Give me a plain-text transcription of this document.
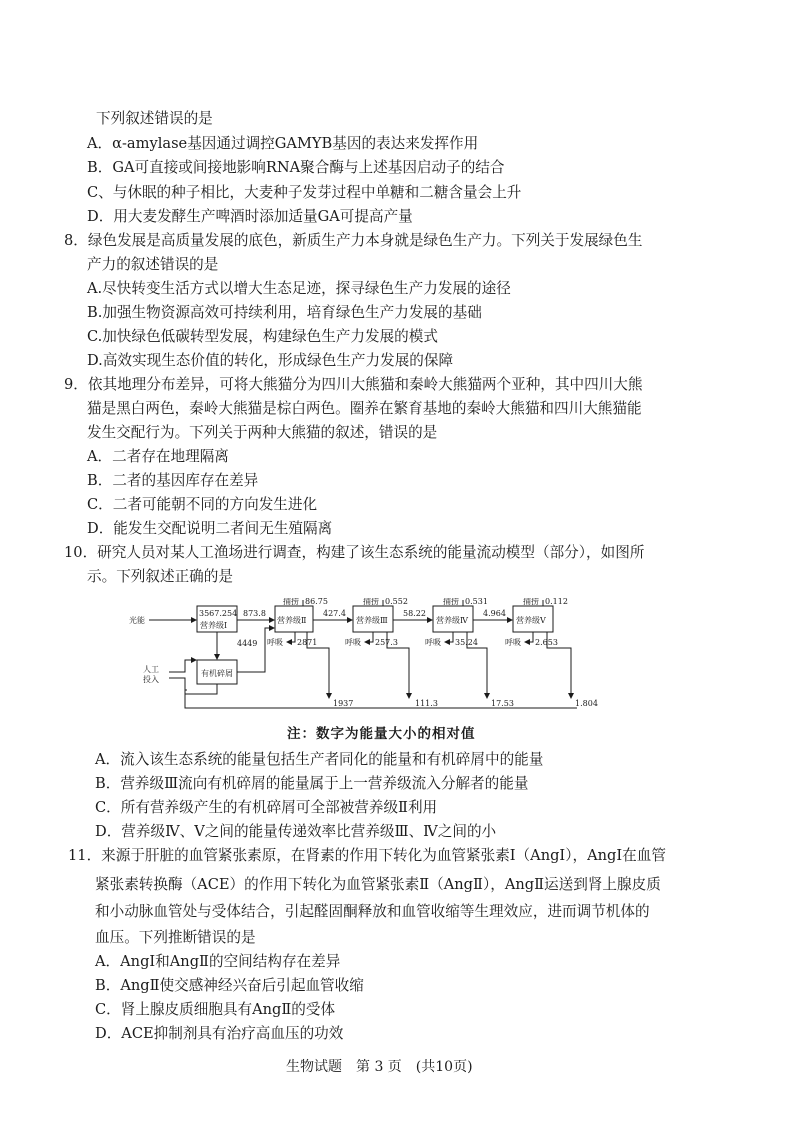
下列叙述错误的是
A．α-amylase基因通过调控GAMYB基因的表达来发挥作用
B．GA可直接或间接地影响RNA聚合酶与上述基因启动子的结合
C、与休眠的种子相比，大麦种子发芽过程中单糖和二糖含量会上升
D．用大麦发酵生产啤酒时添加适量GA可提高产量
8．绿色发展是高质量发展的底色，新质生产力本身就是绿色生产力。下列关于发展绿色生
产力的叙述错误的是
A.尽快转变生活方式以增大生态足迹，探寻绿色生产力发展的途径
B.加强生物资源高效可持续利用，培育绿色生产力发展的基础
C.加快绿色低碳转型发展，构建绿色生产力发展的模式
D.高效实现生态价值的转化，形成绿色生产力发展的保障
9．依其地理分布差异，可将大熊猫分为四川大熊猫和秦岭大熊猫两个亚种，其中四川大熊
猫是黑白两色，秦岭大熊猫是棕白两色。圈养在繁育基地的秦岭大熊猫和四川大熊猫能
发生交配行为。下列关于两种大熊猫的叙述，错误的是
A．二者存在地理隔离
B．二者的基因库存在差异
C．二者可能朝不同的方向发生进化
D．能发生交配说明二者间无生殖隔离
10．研究人员对某人工渔场进行调查，构建了该生态系统的能量流动模型（部分），如图所
示。下列叙述正确的是
光能
人工
投入
3567.254
营养级Ⅰ
有机碎屑
873.8
4449
营养级Ⅱ
427.4
营养级Ⅲ
58.22
营养级Ⅳ
4.964
营养级Ⅴ
捕捞 86.75	捕捞 0.552	捕捞 0.531	捕捞 0.112
呼吸 2871	呼吸 257.3	呼吸 35.24	呼吸 2.653
1937	111.3	17.53	1.804
注：数字为能量大小的相对值
A．流入该生态系统的能量包括生产者同化的能量和有机碎屑中的能量
B．营养级Ⅲ流向有机碎屑的能量属于上一营养级流入分解者的能量
C．所有营养级产生的有机碎屑可全部被营养级Ⅱ利用
D．营养级Ⅳ、Ⅴ之间的能量传递效率比营养级Ⅲ、Ⅳ之间的小
11．来源于肝脏的血管紧张素原，在肾素的作用下转化为血管紧张素Ⅰ（AngⅠ），AngⅠ在血管
紧张素转换酶（ACE）的作用下转化为血管紧张素Ⅱ（AngⅡ），AngⅡ运送到肾上腺皮质
和小动脉血管处与受体结合，引起醛固酮释放和血管收缩等生理效应，进而调节机体的
血压。下列推断错误的是
A．AngⅠ和AngⅡ的空间结构存在差异
B．AngⅡ使交感神经兴奋后引起血管收缩
C．肾上腺皮质细胞具有AngⅡ的受体
D．ACE抑制剂具有治疗高血压的功效
生物试题　第 3 页　(共10页)
